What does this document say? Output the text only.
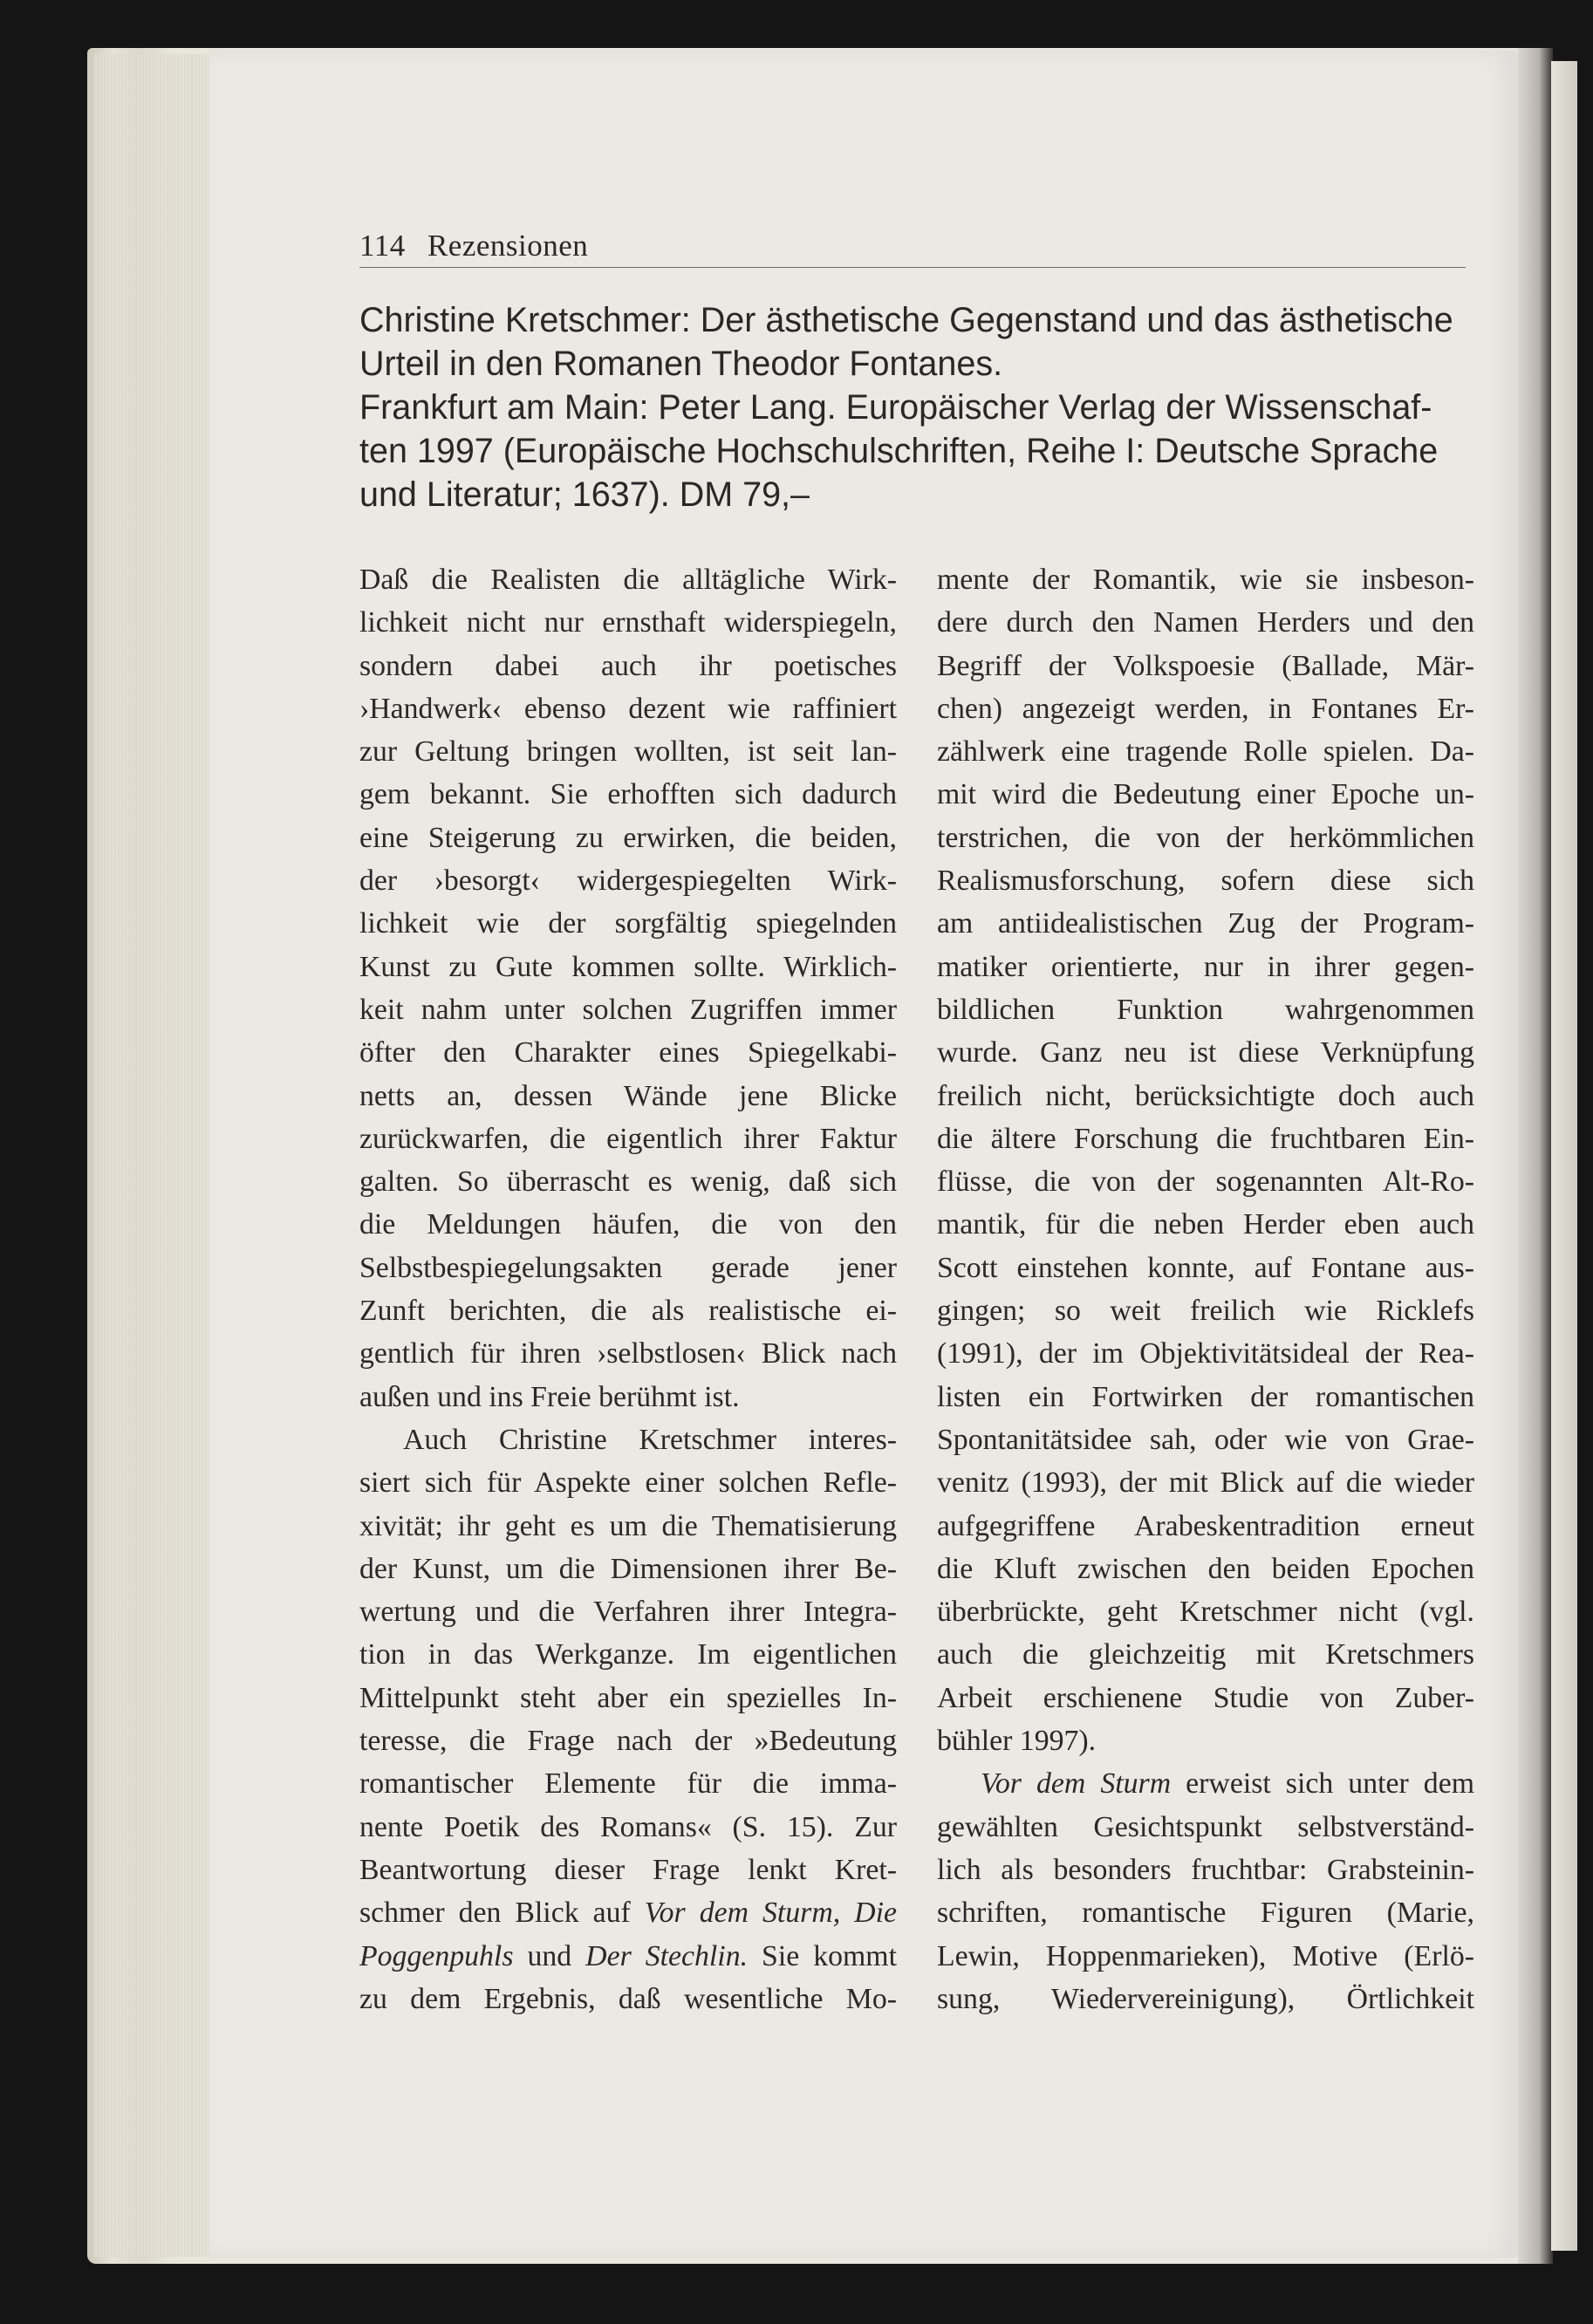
114 Rezensionen

Christine Kretschmer: Der ästhetische Gegenstand und das ästhetische

Urteil in den Romanen Theodor Fontanes.

Frankfurt am Main: Peter Lang. Europäischer Verlag der Wissenschaf-

ten 1997 (Europäische Hochschulschriften, Reihe I: Deutsche Sprache

und Literatur; 1637). DM 79,–

Daß die Realisten die alltägliche Wirk-
lichkeit nicht nur ernsthaft widerspiegeln,
sondern dabei auch ihr poetisches
›Handwerk‹ ebenso dezent wie raffiniert
zur Geltung bringen wollten, ist seit lan-
gem bekannt. Sie erhofften sich dadurch
eine Steigerung zu erwirken, die beiden,
der ›besorgt‹ widergespiegelten Wirk-
lichkeit wie der sorgfältig spiegelnden
Kunst zu Gute kommen sollte. Wirklich-
keit nahm unter solchen Zugriffen immer
öfter den Charakter eines Spiegelkabi-
netts an, dessen Wände jene Blicke
zurückwarfen, die eigentlich ihrer Faktur
galten. So überrascht es wenig, daß sich
die Meldungen häufen, die von den
Selbstbespiegelungsakten gerade jener
Zunft berichten, die als realistische ei-
gentlich für ihren ›selbstlosen‹ Blick nach
außen und ins Freie berühmt ist.
Auch Christine Kretschmer interes-
siert sich für Aspekte einer solchen Refle-
xivität; ihr geht es um die Thematisierung
der Kunst, um die Dimensionen ihrer Be-
wertung und die Verfahren ihrer Integra-
tion in das Werkganze. Im eigentlichen
Mittelpunkt steht aber ein spezielles In-
teresse, die Frage nach der »Bedeutung
romantischer Elemente für die imma-
nente Poetik des Romans« (S. 15). Zur
Beantwortung dieser Frage lenkt Kret-
schmer den Blick auf Vor dem Sturm, Die
Poggenpuhls und Der Stechlin. Sie kommt
zu dem Ergebnis, daß wesentliche Mo-
mente der Romantik, wie sie insbeson-
dere durch den Namen Herders und den
Begriff der Volkspoesie (Ballade, Mär-
chen) angezeigt werden, in Fontanes Er-
zählwerk eine tragende Rolle spielen. Da-
mit wird die Bedeutung einer Epoche un-
terstrichen, die von der herkömmlichen
Realismusforschung, sofern diese sich
am antiidealistischen Zug der Program-
matiker orientierte, nur in ihrer gegen-
bildlichen Funktion wahrgenommen
wurde. Ganz neu ist diese Verknüpfung
freilich nicht, berücksichtigte doch auch
die ältere Forschung die fruchtbaren Ein-
flüsse, die von der sogenannten Alt-Ro-
mantik, für die neben Herder eben auch
Scott einstehen konnte, auf Fontane aus-
gingen; so weit freilich wie Ricklefs
(1991), der im Objektivitätsideal der Rea-
listen ein Fortwirken der romantischen
Spontanitätsidee sah, oder wie von Grae-
venitz (1993), der mit Blick auf die wieder
aufgegriffene Arabeskentradition erneut
die Kluft zwischen den beiden Epochen
überbrückte, geht Kretschmer nicht (vgl.
auch die gleichzeitig mit Kretschmers
Arbeit erschienene Studie von Zuber-
bühler 1997).
Vor dem Sturm erweist sich unter dem
gewählten Gesichtspunkt selbstverständ-
lich als besonders fruchtbar: Grabsteinin-
schriften, romantische Figuren (Marie,
Lewin, Hoppenmarieken), Motive (Erlö-
sung, Wiedervereinigung), Örtlichkeit
